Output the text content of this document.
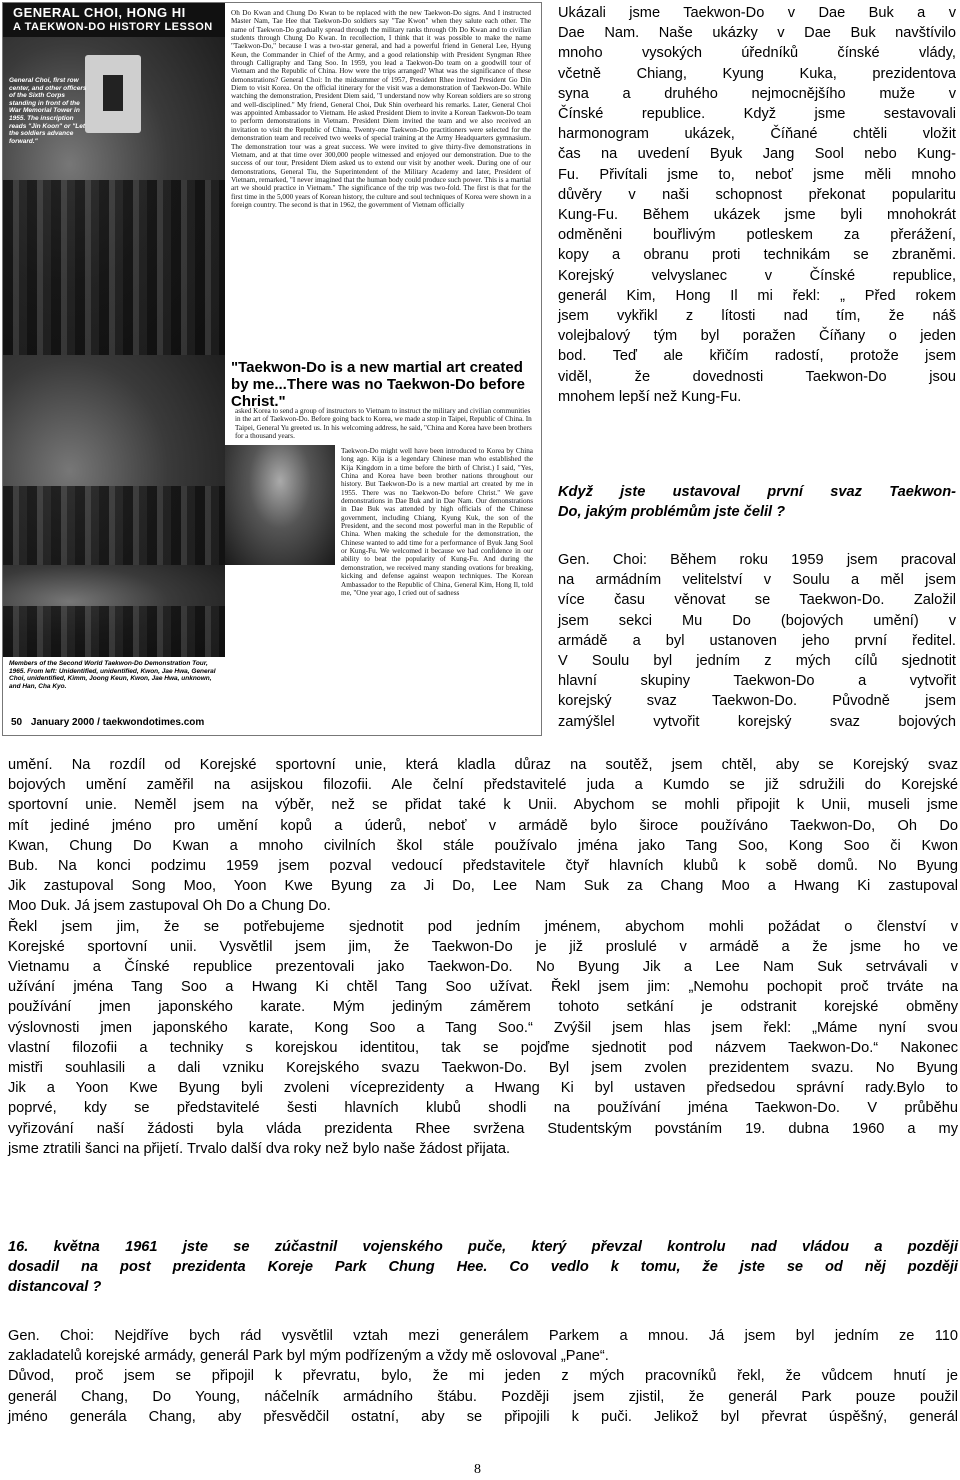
GENERAL CHOI, HONG HI
A TAEKWON-DO HISTORY LESSON
General Choi, first row center, and other officers of the Sixth Corps standing in front of the War Memorial Tower in 1955. The inscription reads "Jin Koon" or "Let the soldiers advance forward."
Members of the Second World Taekwon-Do Demonstration Tour, 1965. From left: Unidentified, unidentified, Kwon, Jae Hwa, General Choi, unidentified, Kimm, Joong Keun, Kwon, Jae Hwa, unknown, and Han, Cha Kyo.
50 January 2000 / taekwondotimes.com

Oh Do Kwan and Chung Do Kwan to be replaced with the new Taekwon-Do signs. And I instructed Master Nam, Tae Hee that Taekwon-Do soldiers say "Tae Kwon" when they salute each other. The name of Taekwon-Do gradually spread through the military ranks through Oh Do Kwan and to civilian students through Chung Do Kwan. In recollection, I think that it was possible to make the name "Taekwon-Do," because I was a two-star general, and had a powerful friend in General Lee, Hyung Keun, the Commander in Chief of the Army, and a good relationship with President Syngman Rhee through Calligraphy and Tang Soo. In 1959, you lead a Taekwon-Do team on a goodwill tour of Vietnam and the Republic of China. How were the trips arranged? What was the significance of these demonstrations? General Choi: In the midsummer of 1957, President Rhee invited President Go Din Diem to visit Korea. On the official itinerary for the visit was a demonstration of Taekwon-Do. While watching the demonstration, President Diem said, "I understand now why Korean soldiers are so strong and well-disciplined." My friend, General Choi, Duk Shin overheard his remarks. Later, General Choi was appointed Ambassador to Vietnam. He asked President Diem to invite a Korean Taekwon-Do team to perform demonstrations in Vietnam. President Diem invited the team and we also received an invitation to visit the Republic of China. Twenty-one Taekwon-Do practitioners were selected for the demonstration team and received two weeks of special training at the Army Headquarters gymnasium. The demonstration tour was a great success. We were invited to give thirty-five demonstrations in Vietnam, and at that time over 300,000 people witnessed and enjoyed our demonstration. Due to the success of our tour, President Diem asked us to extend our visit by another week. During one of our demonstrations, General Tiu, the Superintendent of the Military Academy and later, President of Vietnam, remarked, "I never imagined that the human body could produce such power. This is a martial art we should practice in Vietnam." The significance of the trip was two-fold. The first is that for the first time in the 5,000 years of Korean history, the culture and soul techniques of Korea were shown in a foreign country. The second is that in 1962, the government of Vietnam officially

"Taekwon-Do is a new martial art created by me...There was no Taekwon-Do before Christ."
asked Korea to send a group of instructors to Vietnam to instruct the military and civilian communities in the art of Taekwon-Do. Before going back to Korea, we made a stop in Taipei, Republic of China. In Taipei, General Yu greeted us. In his welcoming address, he said, "China and Korea have been brothers for a thousand years.
Taekwon-Do might well have been introduced to Korea by China long ago. Kija is a legendary Chinese man who established the Kija Kingdom in a time before the birth of Christ.) I said, "Yes, China and Korea have been brother nations throughout our history. But Taekwon-Do is a new martial art created by me in 1955. There was no Taekwon-Do before Christ." We gave demonstrations in Dae Buk and in Dae Nam. Our demonstrations in Dae Buk was attended by high officials of the Chinese government, including Chiang, Kyung Kuk, the son of the President, and the second most powerful man in the Republic of China. When making the schedule for the demonstration, the Chinese wanted to add time for a performance of Byuk Jang Sool or Kung-Fu. We welcomed it because we had confidence in our ability to beat the popularity of Kung-Fu. And during the demonstration, we received many standing ovations for breaking, kicking and defense against weapon techniques. The Korean Ambassador to the Republic of China, General Kim, Hong Il, told me, "One year ago, I cried out of sadness
Ukázali jsme Taekwon-Do v Dae Buk a v
Dae Nam. Naše ukázky v Dae Buk navštívilo
mnoho vysokých úředníků čínské vlády,
včetně Chiang, Kyung Kuka, prezidentova
syna a druhého nejmocnějšího muže v
Čínské republice. Když jsme sestavovali
harmonogram ukázek, Číňané chtěli vložit
čas na uvedení Byuk Jang Sool nebo Kung-
Fu. Přivítali jsme to, neboť jsme měli mnoho
důvěry v naši schopnost překonat popularitu
Kung-Fu. Během ukázek jsme byli mnohokrát
odměněni bouřlivým potleskem za přerážení,
kopy a obranu proti technikám se zbraněmi.
Korejský velvyslanec v Čínské republice,
generál Kim, Hong Il mi řekl: „ Před rokem
jsem vykřikl z lítosti nad tím, že náš
volejbalový tým byl poražen Číňany o jeden
bod. Teď ale křičím radostí, protože jsem
viděl, že dovednosti Taekwon-Do jsou
mnohem lepší než Kung-Fu.
Když jste ustavoval první svaz Taekwon-
Do, jakým problémům jste čelil ?
Gen. Choi: Během roku 1959 jsem pracoval
na armádním velitelství v Soulu a měl jsem
více času věnovat se Taekwon-Do. Založil
jsem sekci Mu Do (bojových umění) v
armádě a byl ustanoven jeho první ředitel.
V Soulu byl jedním z mých cílů sjednotit
hlavní skupiny Taekwon-Do a vytvořit
korejský svaz Taekwon-Do. Původně jsem
zamýšlel vytvořit korejský svaz bojových
umění. Na rozdíl od Korejské sportovní unie, která kladla důraz na soutěž, jsem chtěl, aby se Korejský svaz
bojových umění zaměřil na asijskou filozofii. Ale čelní představitelé juda a Kumdo se již sdružili do Korejské
sportovní unie. Neměl jsem na výběr, než se přidat také k Unii. Abychom se mohli připojit k Unii, museli jsme
mít jediné jméno pro umění kopů a úderů, neboť v armádě bylo široce používáno Taekwon-Do, Oh Do
Kwan, Chung Do Kwan a mnoho civilních škol stále používalo jména jako Tang Soo, Kong Soo či Kwon
Bub. Na konci podzimu 1959 jsem pozval vedoucí představitele čtyř hlavních klubů k sobě domů. No Byung
Jik zastupoval Song Moo, Yoon Kwe Byung za Ji Do, Lee Nam Suk za Chang Moo a Hwang Ki zastupoval
Moo Duk. Já jsem zastupoval Oh Do a Chung Do.
Řekl jsem jim, že se potřebujeme sjednotit pod jedním jménem, abychom mohli požádat o členství v
Korejské sportovní unii. Vysvětlil jsem jim, že Taekwon-Do je již proslulé v armádě a že jsme ho ve
Vietnamu a Čínské republice prezentovali jako Taekwon-Do. No Byung Jik a Lee Nam Suk setrvávali v
užívání jména Tang Soo a Hwang Ki chtěl Tang Soo užívat. Řekl jsem jim: „Nemohu pochopit proč trváte na
používání jmen japonského karate. Mým jediným záměrem tohoto setkání je odstranit korejské obměny
výslovnosti jmen japonského karate, Kong Soo a Tang Soo.“ Zvýšil jsem hlas jsem řekl: „Máme nyní svou
vlastní filozofii a techniky s korejskou identitou, tak se pojďme sjednotit pod názvem Taekwon-Do.“ Nakonec
mistři souhlasili a dali vzniku Korejského svazu Taekwon-Do. Byl jsem zvolen prezidentem svazu. No Byung
Jik a Yoon Kwe Byung byli zvoleni víceprezidenty a Hwang Ki byl ustaven předsedou správní rady.Bylo to
poprvé, kdy se představitelé šesti hlavních klubů shodli na používání jména Taekwon-Do. V průběhu
vyřizování naší žádosti byla vláda prezidenta Rhee svržena Studentským povstáním 19. dubna 1960 a my
jsme ztratili šanci na přijetí. Trvalo další dva roky než bylo naše žádost přijata.
16. května 1961 jste se zúčastnil vojenského puče, který převzal kontrolu nad vládou a později
dosadil na post prezidenta Koreje Park Chung Hee. Co vedlo k tomu, že jste se od něj později
distancoval ?
Gen. Choi: Nejdříve bych rád vysvětlil vztah mezi generálem Parkem a mnou. Já jsem byl jedním ze 110
zakladatelů korejské armády, generál Park byl mým podřízeným a vždy mě oslovoval „Pane“.
Důvod, proč jsem se připojil k převratu, bylo, že mi jeden z mých pracovníků řekl, že vůdcem hnutí je
generál Chang, Do Young, náčelník armádního štábu. Později jsem zjistil, že generál Park pouze použil
jméno generála Chang, aby přesvědčil ostatní, aby se připojili k puči. Jelikož byl převrat úspěšný, generál
8
